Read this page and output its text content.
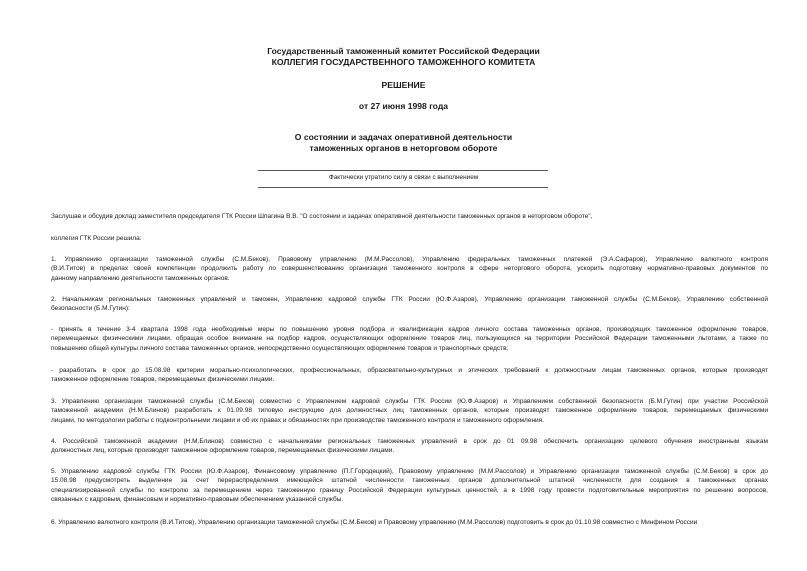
Государственный таможенный комитет Российской Федерации
КОЛЛЕГИЯ ГОСУДАРСТВЕННОГО ТАМОЖЕННОГО КОМИТЕТА
РЕШЕНИЕ
от 27 июня 1998 года
О состоянии и задачах оперативной деятельности
таможенных органов в неторговом обороте
Фактически утратило силу в связи с выполнением
Заслушав и обсудив доклад заместителя председателя ГТК России Шпагина В.В. "О состоянии и задачах оперативной деятельности таможенных органов в неторговом обороте",
коллегия ГТК России решила:
1. Управлению организации таможенной службы (С.М.Беков), Правовому управлению (М.М.Рассолов), Управлению федеральных таможенных платежей (Э.А.Сафаров), Управлению валютного контроля
(В.И.Титов) в пределах своей компетенции продолжить работу по совершенствованию организации таможенного контроля в сфере неторгового оборота, ускорить подготовку нормативно-правовых документов по
данному направлению деятельности таможенных органов.
2. Начальникам региональных таможенных управлений и таможен, Управлению кадровой службы ГТК России (Ю.Ф.Азаров), Управлению организации таможенной службы (С.М.Беков), Управлению собственной
безопасности (Б.М.Гутин):
- принять в течение 3-4 квартала 1998 года необходимые меры по повышению уровня подбора и квалификации кадров личного состава таможенных органов, производящих таможенное оформление товаров,
перемещаемых физическими лицами, обращая особое внимание на подбор кадров, осуществляющих оформление товаров лиц, пользующихся на территории Российской Федерации таможенными льготами, а также по
повышению общей культуры личного состава таможенных органов, непосредственно осуществляющих оформление товаров и транспортных средств;
- разработать в срок до 15.08.98 критерии морально-психологических, профессиональных, образовательно-культурных и этических требований к должностным лицам таможенных органов, которые производят
таможенное оформление товаров, перемещаемых физическими лицами.
3. Управлению организации таможенной службы (С.М.Беков) совместно с Управлением кадровой службы ГТК России (Ю.Ф.Азаров) и Управлением собственной безопасности (Б.М.Гутин) при участии Российской
таможенной академии (Н.М.Блинов) разработать к 01.09.98 типовую инструкцию для должностных лиц таможенных органов, которые производят таможенное оформление товаров, перемещаемых физическими
лицами, по методологии работы с подконтрольными лицами и об их правах и обязанностях при производстве таможенного контроля и таможенного оформления.
4. Российской таможенной академии (Н.М.Блинов) совместно с начальниками региональных таможенных управлений в срок до 01 09.98 обеспечить организацию целевого обучения иностранным языкам
должностных лиц, которые производят таможенное оформление товаров, перемещаемых физическими лицами.
5. Управлению кадровой службы ГТК России (Ю.Ф.Азаров), Финансовому управлению (П.Г.Городецкий), Правовому управлению (М.М.Рассолов) и Управлению организации таможенной службы (С.М.Беков) в срок до
15.08.98 предусмотреть выделение за счет перераспределения имеющейся штатной численности таможенных органов дополнительной штатной численности для создания в таможенных органах
специализированной службы по контролю за перемещением через таможенную границу Российской Федерации культурных ценностей, а в 1998 году провести подготовительные мероприятия по решению вопросов,
связанных с кадровым, финансовым и нормативно-правовым обеспечением указанной службы.
6. Управлению валютного контроля (В.И.Титов), Управлению организации таможенной службы (С.М.Беков) и Правовому управлению (М.М.Рассолов) подготовить в срок до 01.10.98 совместно с Минфином России
